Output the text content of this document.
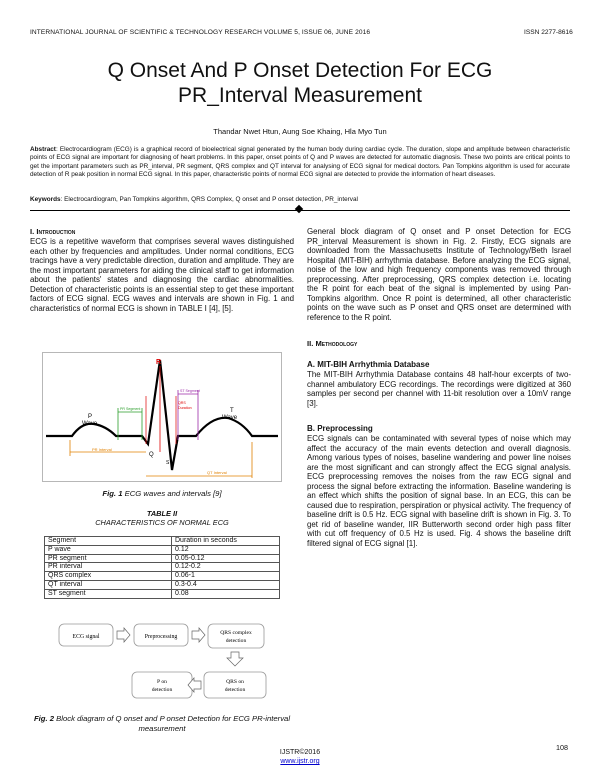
INTERNATIONAL JOURNAL OF SCIENTIFIC & TECHNOLOGY RESEARCH VOLUME 5, ISSUE 06, JUNE 2016	ISSN 2277-8616
Q Onset And P Onset Detection For ECG
PR_Interval Measurement
Thandar Nwet Htun, Aung Soe Khaing, Hla Myo Tun
Abstract: Electrocardiogram (ECG) is a graphical record of bioelectrical signal generated by the human body during cardiac cycle. The duration, slope and amplitude between characteristic points of ECG signal are important for diagnosing of heart problems. In this paper, onset points of Q and P waves are detected for automatic diagnosis. These two points are critical points to get the important parameters such as PR_interval, PR segment, QRS complex and QT interval for analysing of ECG signal for medical doctors. Pan Tompkins algorithm is used for accurate detection of R peak position in normal ECG signal. In this paper, characteristic points of normal ECG signal are detected to provide the information of heart diseases.
Keywords: Electrocardiogram, Pan Tompkins algorithm, QRS Complex, Q onset and P onset detection, PR_interval
I. Introduction
ECG is a repetitive waveform that comprises several waves distinguished each other by frequencies and amplitudes. Under normal conditions, ECG tracings have a very predictable direction, duration and amplitude. They are the most important parameters for aiding the clinical staff to get information about the patients' states and diagnosing the cardiac abnormalities. Detection of characteristic points is an essential step to get these important factors of ECG signal. ECG waves and intervals are shown in Fig. 1 and characteristics of normal ECG is shown in TABLE I [4], [5].
PR Interval
QT Interval
PR Segment
ST Segment
QRS
Duration
R
P
Wave
T
Wave
Q
S
Fig. 1 ECG waves and intervals [9]
TABLE II
CHARACTERISTICS OF NORMAL ECG
Segment	Duration in seconds
P wave	0.12
PR segment	0.05-0.12
PR interval	0.12-0.2
QRS complex	0.06-1
QT interval	0.3-0.4
ST segment	0.08
ECG signal	Preprocessing
QRS complex
detection
QRS on
detection
P on
detection
Fig. 2 Block diagram of Q onset and P onset Detection for ECG PR-interval measurement
General block diagram of Q onset and P onset Detection for ECG PR_interval Measurement is shown in Fig. 2. Firstly, ECG signals are downloaded from the Massachusetts Institute of Technology/Beth Israel Hospital (MIT-BIH) arrhythmia database. Before analyzing the ECG signal, noise of the low and high frequency components was removed through preprocessing. After preprocessing, QRS complex detection i.e. locating the R point for each beat of the signal is implemented by using Pan-Tompkins algorithm. Once R point is determined, all other characteristic points on the wave such as P onset and QRS onset are determined with reference to the R point.
II. Methodology
A. MIT-BIH Arrhythmia Database
The MIT-BIH Arrhythmia Database contains 48 half-hour excerpts of two-channel ambulatory ECG recordings. The recordings were digitized at 360 samples per second per channel with 11-bit resolution over a 10mV range [3].
B. Preprocessing
ECG signals can be contaminated with several types of noise which may affect the accuracy of the main events detection and overall diagnosis. Among various types of noises, baseline wandering and power line noises are the most significant and can strongly affect the ECG signal analysis. ECG preprocessing removes the noises from the raw ECG signal and process the signal before extracting the information. Baseline wandering is an effect which shifts the position of signal base. In an ECG, this can be caused due to respiration, perspiration or physical activity. The frequency of baseline drift is 0.5 Hz. ECG signal with baseline drift is shown in Fig. 3. To get rid of baseline wander, IIR Butterworth second order high pass filter with cut off frequency of 0.5 Hz is used. Fig. 4 shows the baseline drift filtered signal of ECG signal [1].
108
IJSTR©2016
www.ijstr.org
